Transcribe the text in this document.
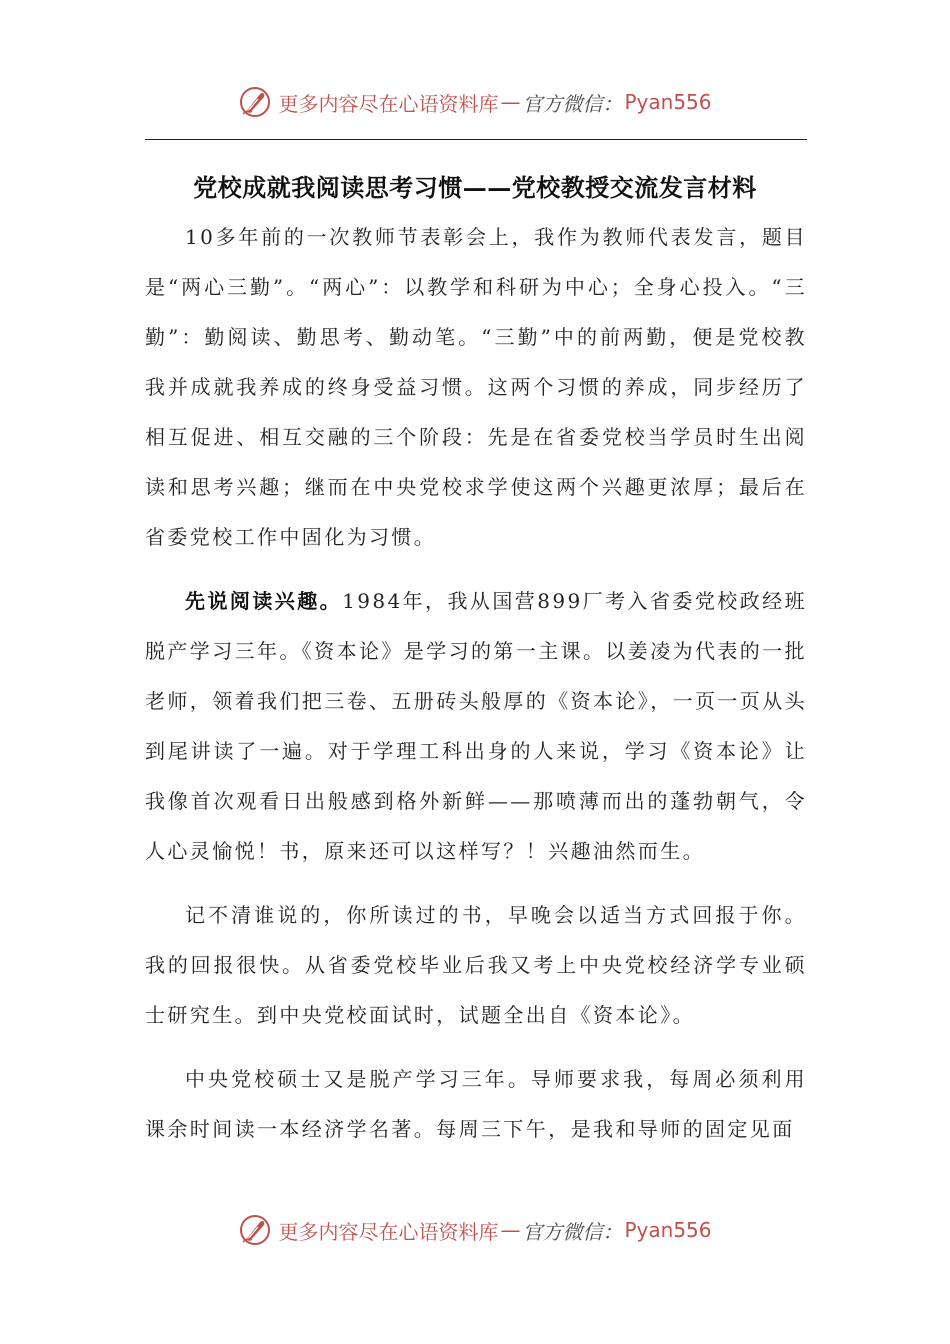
更多内容尽在心语资料库 — 官方微信： Pyan556
党校成就我阅读思考习惯——党校教授交流发言材料

10多年前的一次教师节表彰会上，我作为教师代表发言，题目是“两心三勤”。“两心”：以教学和科研为中心；全身心投入。“三勤”：勤阅读、勤思考、勤动笔。“三勤”中的前两勤，便是党校教我并成就我养成的终身受益习惯。这两个习惯的养成，同步经历了相互促进、相互交融的三个阶段：先是在省委党校当学员时生出阅读和思考兴趣；继而在中央党校求学使这两个兴趣更浓厚；最后在省委党校工作中固化为习惯。

先说阅读兴趣。1984年，我从国营899厂考入省委党校政经班脱产学习三年。《资本论》是学习的第一主课。以姜凌为代表的一批老师，领着我们把三卷、五册砖头般厚的《资本论》，一页一页从头到尾讲读了一遍。对于学理工科出身的人来说，学习《资本论》让我像首次观看日出般感到格外新鲜——那喷薄而出的蓬勃朝气，令人心灵愉悦！书，原来还可以这样写？！兴趣油然而生。

记不清谁说的，你所读过的书，早晚会以适当方式回报于你。我的回报很快。从省委党校毕业后我又考上中央党校经济学专业硕士研究生。到中央党校面试时，试题全出自《资本论》。

中央党校硕士又是脱产学习三年。导师要求我，每周必须利用课余时间读一本经济学名著。每周三下午，是我和导师的固定见面

更多内容尽在心语资料库 — 官方微信： Pyan556
